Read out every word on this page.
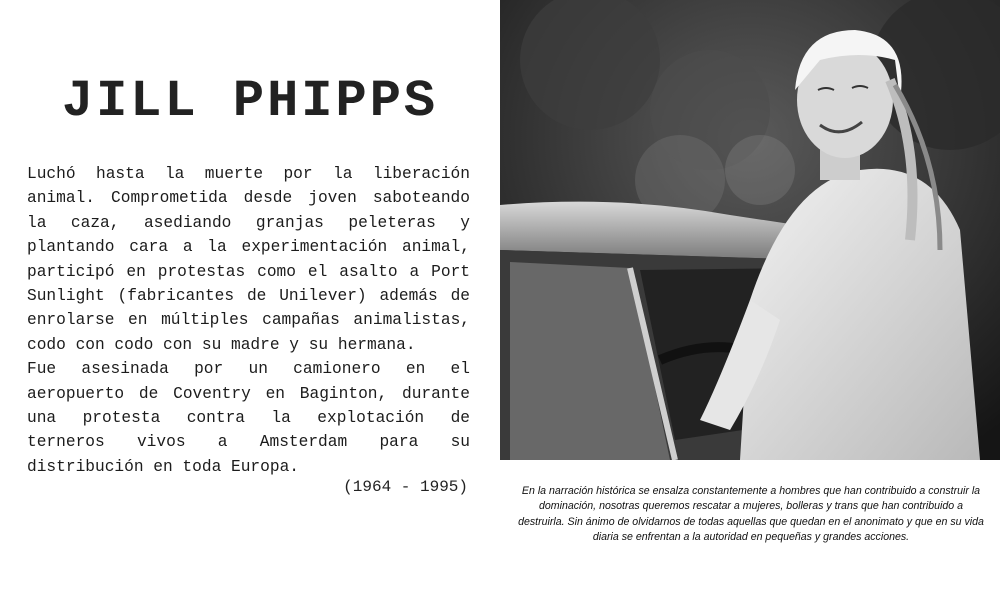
JILL PHIPPS

Luchó hasta la muerte por la liberación animal. Comprometida desde joven saboteando la caza, asediando granjas peleteras y plantando cara a la experimentación animal, participó en protestas como el asalto a Port Sunlight (fabricantes de Unilever) además de enrolarse en múltiples campañas animalistas, codo con codo con su madre y su hermana.

Fue asesinada por un camionero en el aeropuerto de Coventry en Baginton, durante una protesta contra la explotación de terneros vivos a Amsterdam para su distribución en toda Europa.

(1964 - 1995)	En la narración histórica se ensalza constantemente a hombres que han contribuido a construir la dominación, nosotras queremos rescatar a mujeres, bolleras y trans que han contribuido a destruirla. Sin ánimo de olvidarnos de todas aquellas que quedan en el anonimato y que en su vida diaria se enfrentan a la autoridad en pequeñas y grandes acciones.
